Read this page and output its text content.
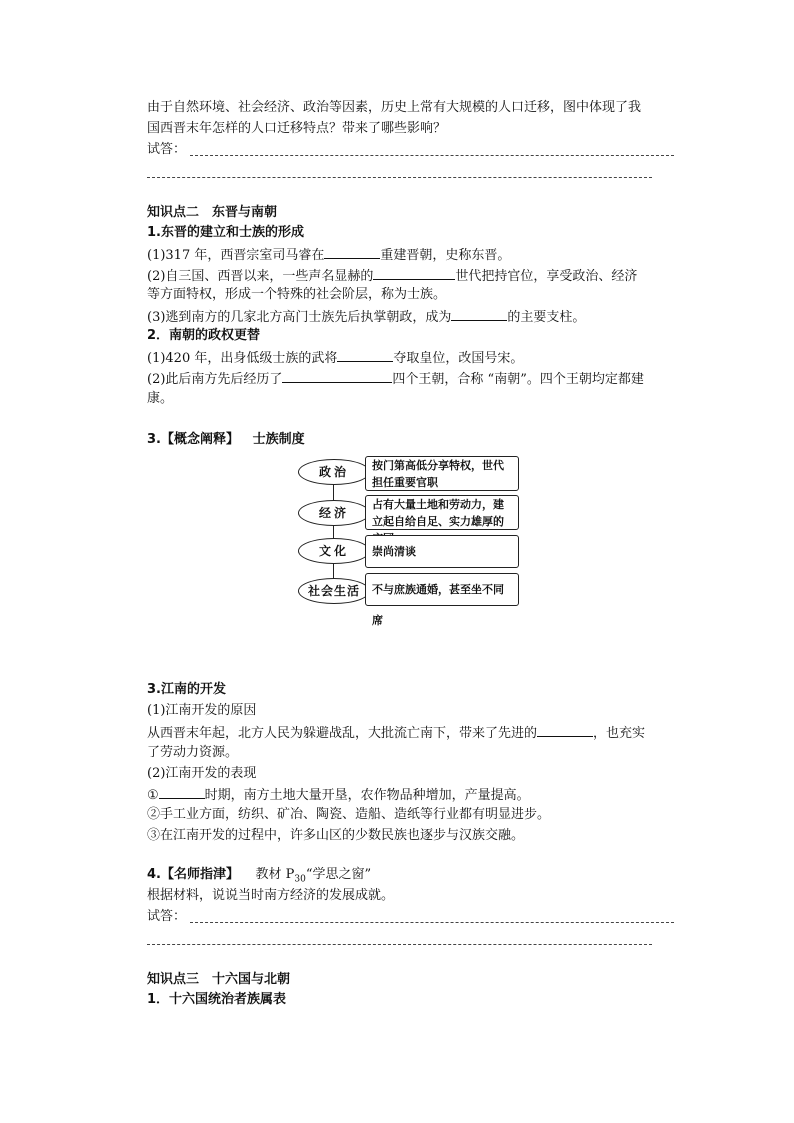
由于自然环境、社会经济、政治等因素，历史上常有大规模的人口迁移，图中体现了我
国西晋末年怎样的人口迁移特点？带来了哪些影响？
试答：
知识点二　东晋与南朝
1.东晋的建立和士族的形成
(1)317 年，西晋宗室司马睿在	重建晋朝，史称东晋。
(2)自三国、西晋以来，一些声名显赫的	世代把持官位，享受政治、经济
等方面特权，形成一个特殊的社会阶层，称为士族。
(3)逃到南方的几家北方高门士族先后执掌朝政，成为	的主要支柱。
2．南朝的政权更替
(1)420 年，出身低级士族的武将	夺取皇位，改国号宋。
(2)此后南方先后经历了	四个王朝，合称 “南朝”。四个王朝均定都建
康。
3.【概念阐释】 士族制度
政治	按门第高低分享特权，世代担任重要官职
经济
占有大量土地和劳动力，建立起自给自足、实力雄厚的
文化	崇尚清谈
社会生活	不与庶族通婚，甚至坐不同席
3.江南的开发
(1)江南开发的原因
从西晋末年起，北方人民为躲避战乱，大批流亡南下，带来了先进的	，也充实
了劳动力资源。
(2)江南开发的表现
①	时期，南方土地大量开垦，农作物品种增加，产量提高。
②手工业方面，纺织、矿冶、陶瓷、造船、造纸等行业都有明显进步。
③在江南开发的过程中，许多山区的少数民族也逐步与汉族交融。
4.【名师指津】 教材 $P_{30}“$学思之窗”
根据材料，说说当时南方经济的发展成就。
试答：
知识点三　十六国与北朝
1．十六国统治者族属表
